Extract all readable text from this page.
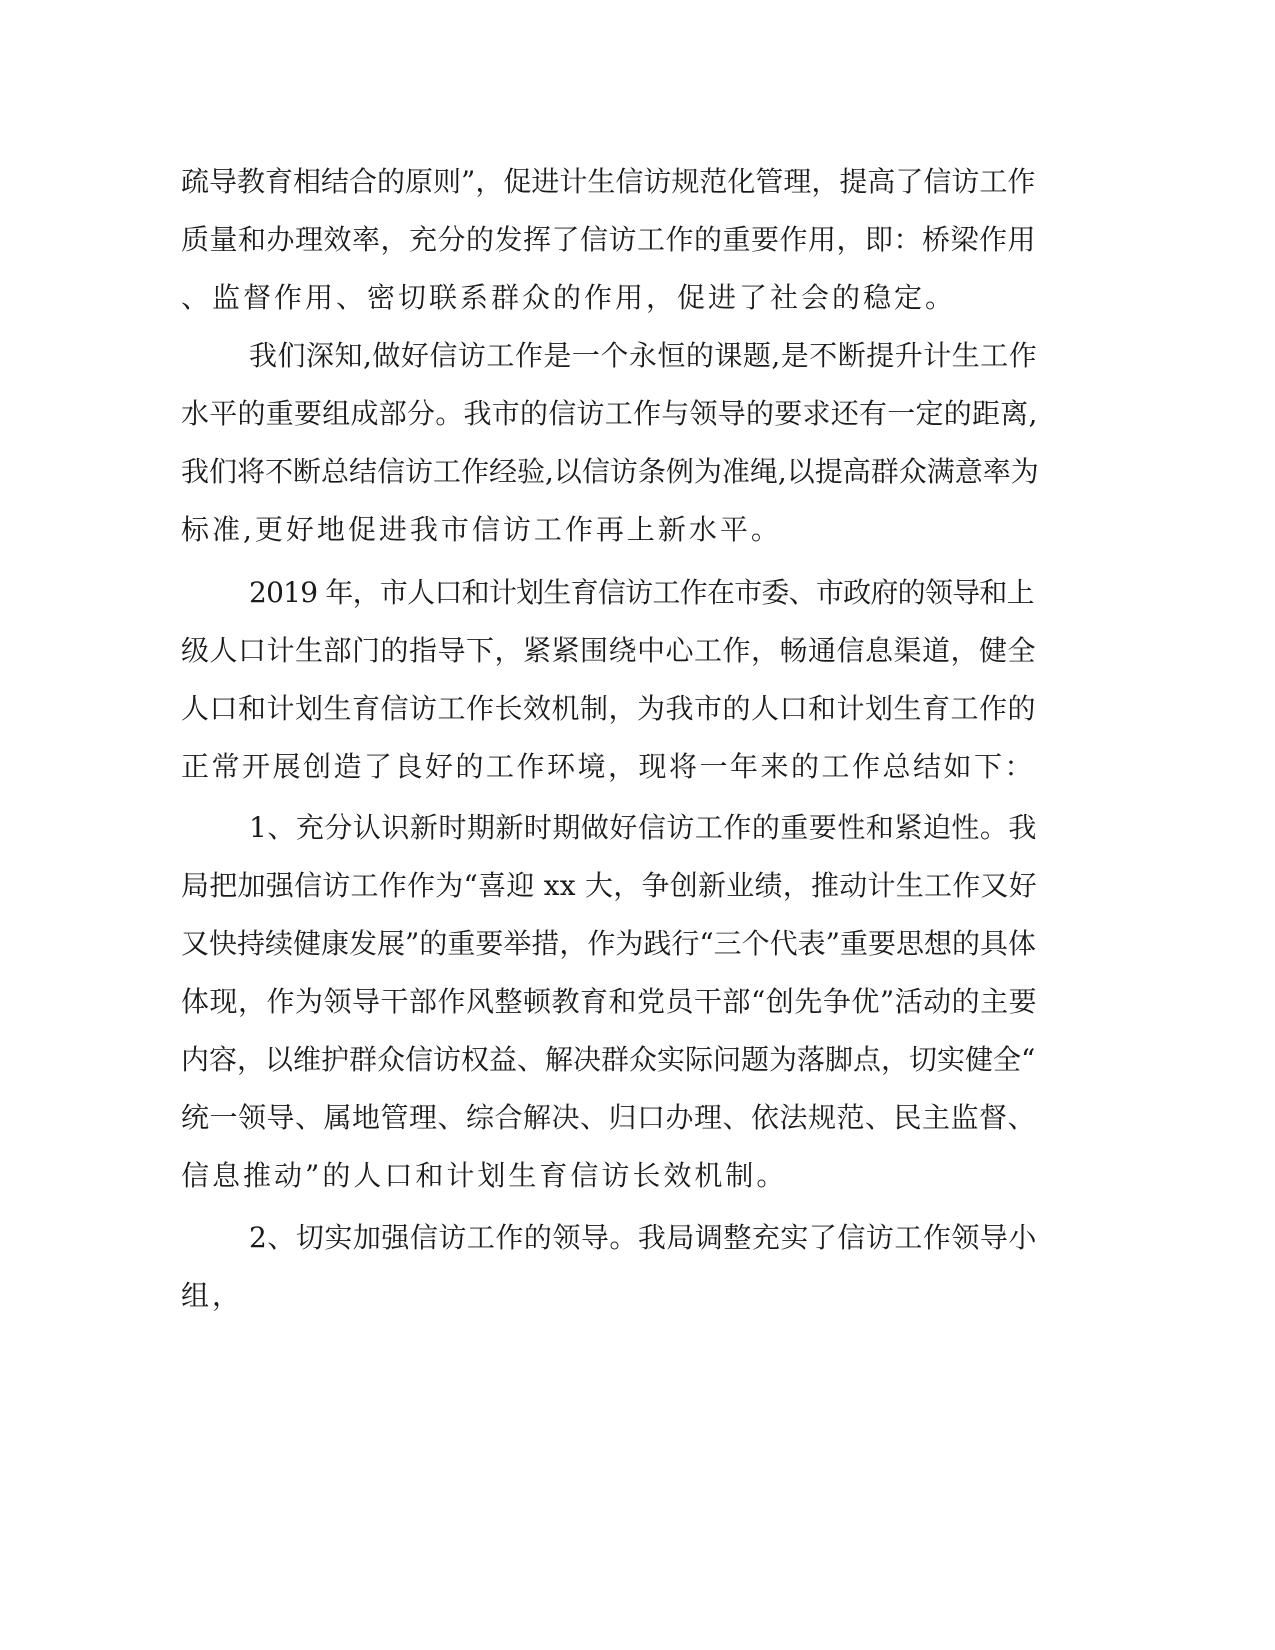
疏导教育相结合的原则”，促进计生信访规范化管理，提高了信访工作
质量和办理效率，充分的发挥了信访工作的重要作用，即：桥梁作用
、监督作用、密切联系群众的作用，促进了社会的稳定。
我们深知,做好信访工作是一个永恒的课题,是不断提升计生工作
水平的重要组成部分。我市的信访工作与领导的要求还有一定的距离,
我们将不断总结信访工作经验,以信访条例为准绳,以提高群众满意率为
标准,更好地促进我市信访工作再上新水平。
2019 年，市人口和计划生育信访工作在市委、市政府的领导和上
级人口计生部门的指导下，紧紧围绕中心工作，畅通信息渠道，健全
人口和计划生育信访工作长效机制，为我市的人口和计划生育工作的
正常开展创造了良好的工作环境，现将一年来的工作总结如下：
1、充分认识新时期新时期做好信访工作的重要性和紧迫性。我
局把加强信访工作作为“喜迎 xx 大，争创新业绩，推动计生工作又好
又快持续健康发展”的重要举措，作为践行“三个代表”重要思想的具体
体现，作为领导干部作风整顿教育和党员干部“创先争优”活动的主要
内容，以维护群众信访权益、解决群众实际问题为落脚点，切实健全“
统一领导、属地管理、综合解决、归口办理、依法规范、民主监督、
信息推动”的人口和计划生育信访长效机制。
2、切实加强信访工作的领导。我局调整充实了信访工作领导小
组，
